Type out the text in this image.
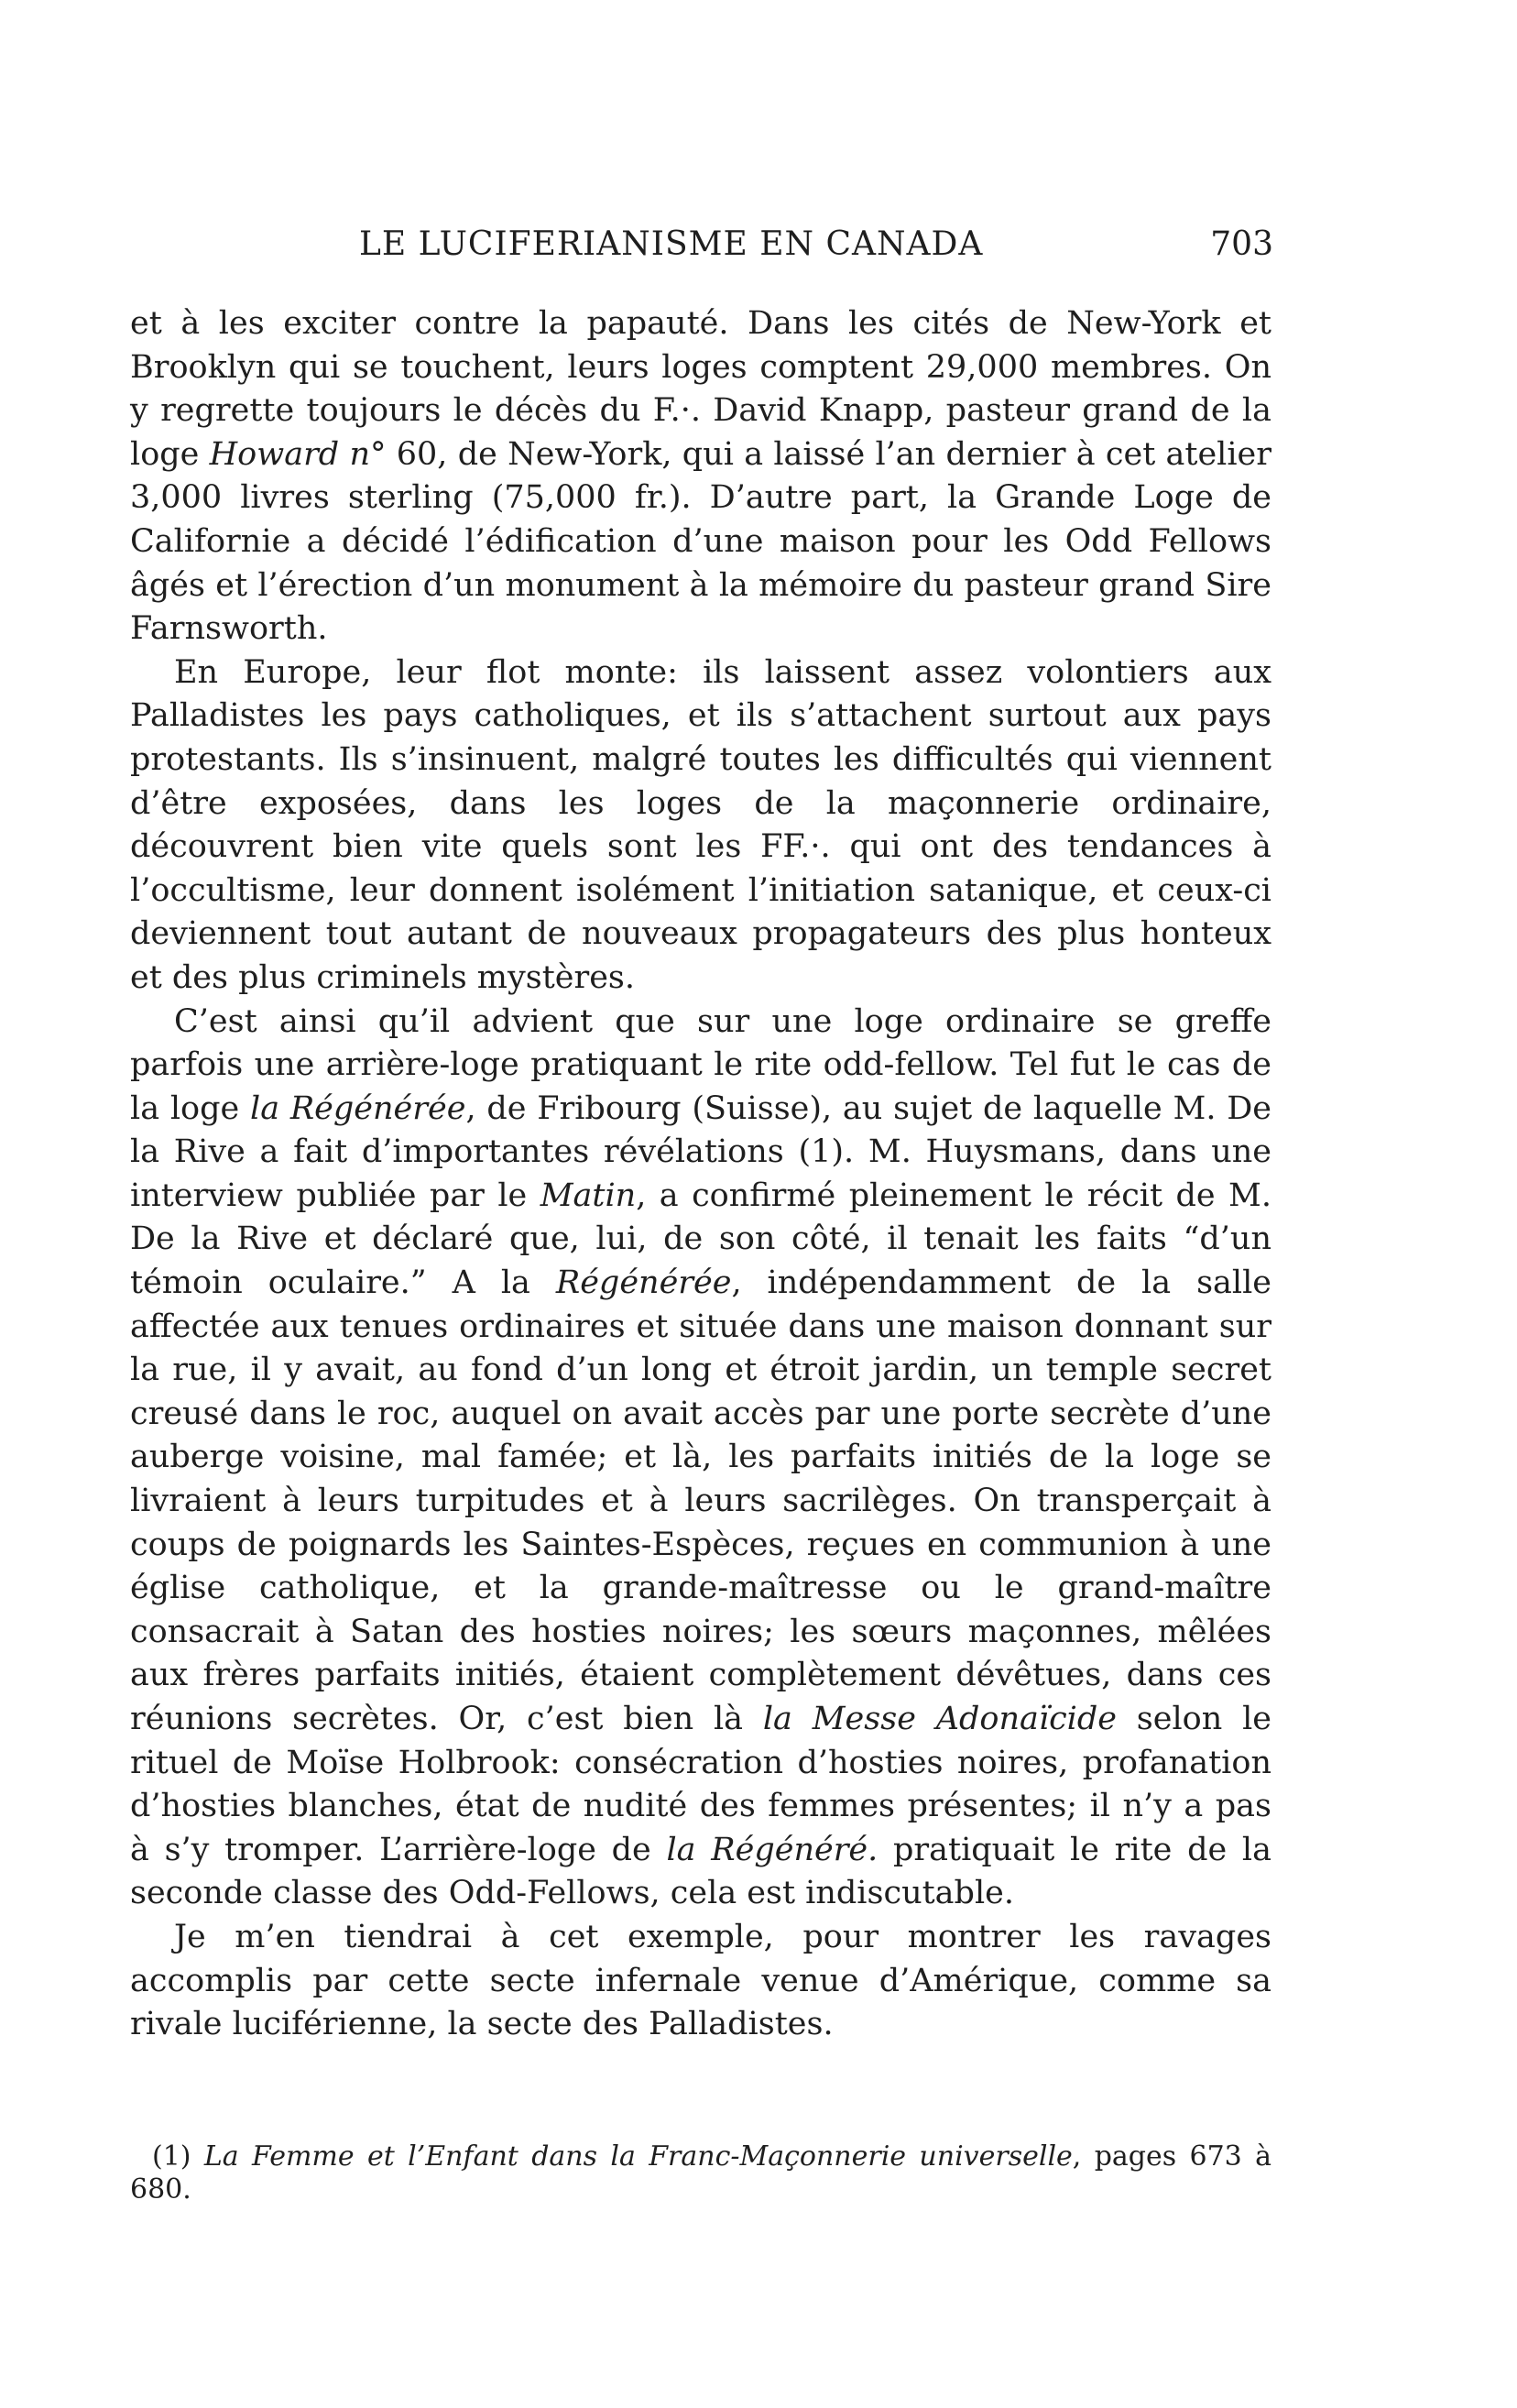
LE LUCIFERIANISME EN CANADA	703

et à les exciter contre la papauté. Dans les cités de New-York et Brooklyn qui se touchent, leurs loges comptent 29,000 membres. On y regrette toujours le décès du F.·. David Knapp, pasteur grand de la loge Howard n° 60, de New-York, qui a laissé l’an dernier à cet atelier 3,000 livres sterling (75,000 fr.). D’autre part, la Grande Loge de Californie a décidé l’édification d’une maison pour les Odd Fellows âgés et l’érection d’un monument à la mémoire du pasteur grand Sire Farnsworth.

En Europe, leur flot monte: ils laissent assez volontiers aux Palladistes les pays catholiques, et ils s’attachent surtout aux pays protestants. Ils s’insinuent, malgré toutes les difficultés qui viennent d’être exposées, dans les loges de la maçonnerie ordinaire, découvrent bien vite quels sont les FF.·. qui ont des tendances à l’occultisme, leur donnent isolément l’initiation satanique, et ceux-ci deviennent tout autant de nouveaux propagateurs des plus honteux et des plus criminels mystères.

C’est ainsi qu’il advient que sur une loge ordinaire se greffe parfois une arrière-loge pratiquant le rite odd-fellow. Tel fut le cas de la loge la Régénérée, de Fribourg (Suisse), au sujet de laquelle M. De la Rive a fait d’importantes révélations (1). M. Huysmans, dans une interview publiée par le Matin, a confirmé pleinement le récit de M. De la Rive et déclaré que, lui, de son côté, il tenait les faits “d’un témoin oculaire.” A la Régénérée, indépendamment de la salle affectée aux tenues ordinaires et située dans une maison donnant sur la rue, il y avait, au fond d’un long et étroit jardin, un temple secret creusé dans le roc, auquel on avait accès par une porte secrète d’une auberge voisine, mal famée; et là, les parfaits initiés de la loge se livraient à leurs turpitudes et à leurs sacrilèges. On transperçait à coups de poignards les Saintes-Espèces, reçues en communion à une église catholique, et la grande-maîtresse ou le grand-maître consacrait à Satan des hosties noires; les sœurs maçonnes, mêlées aux frères parfaits initiés, étaient complètement dévêtues, dans ces réunions secrètes. Or, c’est bien là la Messe Adonaïcide selon le rituel de Moïse Holbrook: consécration d’hosties noires, profanation d’hosties blanches, état de nudité des femmes présentes; il n’y a pas à s’y tromper. L’arrière-loge de la Régénéré. pratiquait le rite de la seconde classe des Odd-Fellows, cela est indiscutable.

Je m’en tiendrai à cet exemple, pour montrer les ravages accomplis par cette secte infernale venue d’Amérique, comme sa rivale luciférienne, la secte des Palladistes.

(1) La Femme et l’Enfant dans la Franc-Maçonnerie universelle, pages 673 à 680.
